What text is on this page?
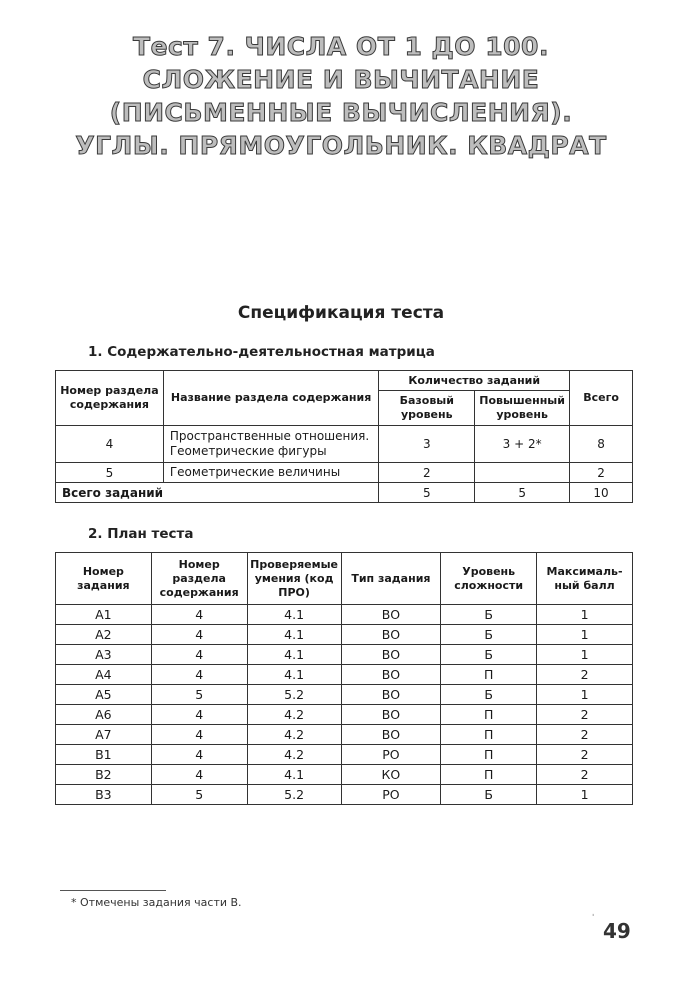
Тест 7. ЧИСЛА ОТ 1 ДО 100.
СЛОЖЕНИЕ И ВЫЧИТАНИЕ
(ПИСЬМЕННЫЕ ВЫЧИСЛЕНИЯ).
УГЛЫ. ПРЯМОУГОЛЬНИК. КВАДРАТ
Спецификация теста
1. Содержательно-деятельностная матрица
Номер раздела содержания	Название раздела содержания	Количество заданий		Всего
		Базовый уровень	Повышенный уровень	
4	Пространственные отношения.
Геометрические фигуры	3	3 + 2*	8
5	Геометрические величины	2		2
Всего заданий		5	5	10
2. План теста
Номер задания	Номер раздела содержания	Проверяемые умения (код ПРО)	Тип задания	Уровень сложности	Максималь-ный балл
А1	4	4.1	ВО	Б	1
А2	4	4.1	ВО	Б	1
А3	4	4.1	ВО	Б	1
А4	4	4.1	ВО	П	2
А5	5	5.2	ВО	Б	1
А6	4	4.2	ВО	П	2
А7	4	4.2	ВО	П	2
В1	4	4.2	РО	П	2
В2	4	4.1	КО	П	2
В3	5	5.2	РО	Б	1
* Отмечены задания части В.
ˈ
49
